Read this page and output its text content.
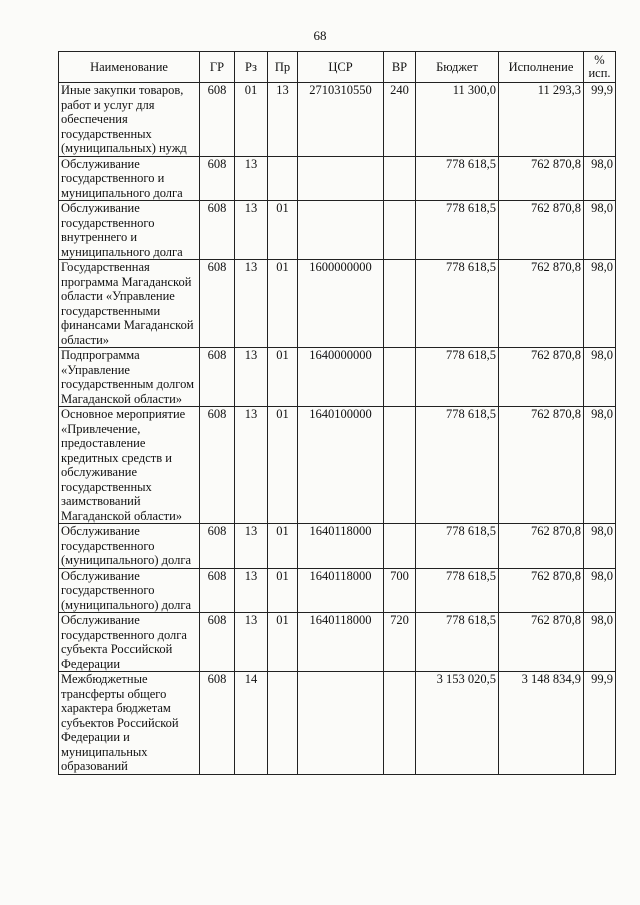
68
Наименование	ГР	Рз	Пр	ЦСР	ВР	Бюджет	Исполнение	% исп.
Иные закупки товаров, работ и услуг для обеспечения государственных (муниципальных) нужд	608	01	13	2710310550	240	11 300,0	11 293,3	99,9
Обслуживание государственного и муниципального долга	608	13				778 618,5	762 870,8	98,0
Обслуживание государственного внутреннего и муниципального долга	608	13	01			778 618,5	762 870,8	98,0
Государственная программа Магаданской области «Управление государственными финансами Магаданской области»	608	13	01	1600000000		778 618,5	762 870,8	98,0
Подпрограмма «Управление государственным долгом Магаданской области»	608	13	01	1640000000		778 618,5	762 870,8	98,0
Основное мероприятие «Привлечение, предоставление кредитных средств и обслуживание государственных заимствований Магаданской области»	608	13	01	1640100000		778 618,5	762 870,8	98,0
Обслуживание государственного (муниципального) долга	608	13	01	1640118000		778 618,5	762 870,8	98,0
Обслуживание государственного (муниципального) долга	608	13	01	1640118000	700	778 618,5	762 870,8	98,0
Обслуживание государственного долга субъекта Российской Федерации	608	13	01	1640118000	720	778 618,5	762 870,8	98,0
Межбюджетные трансферты общего характера бюджетам субъектов Российской Федерации и муниципальных образований	608	14				3 153 020,5	3 148 834,9	99,9
